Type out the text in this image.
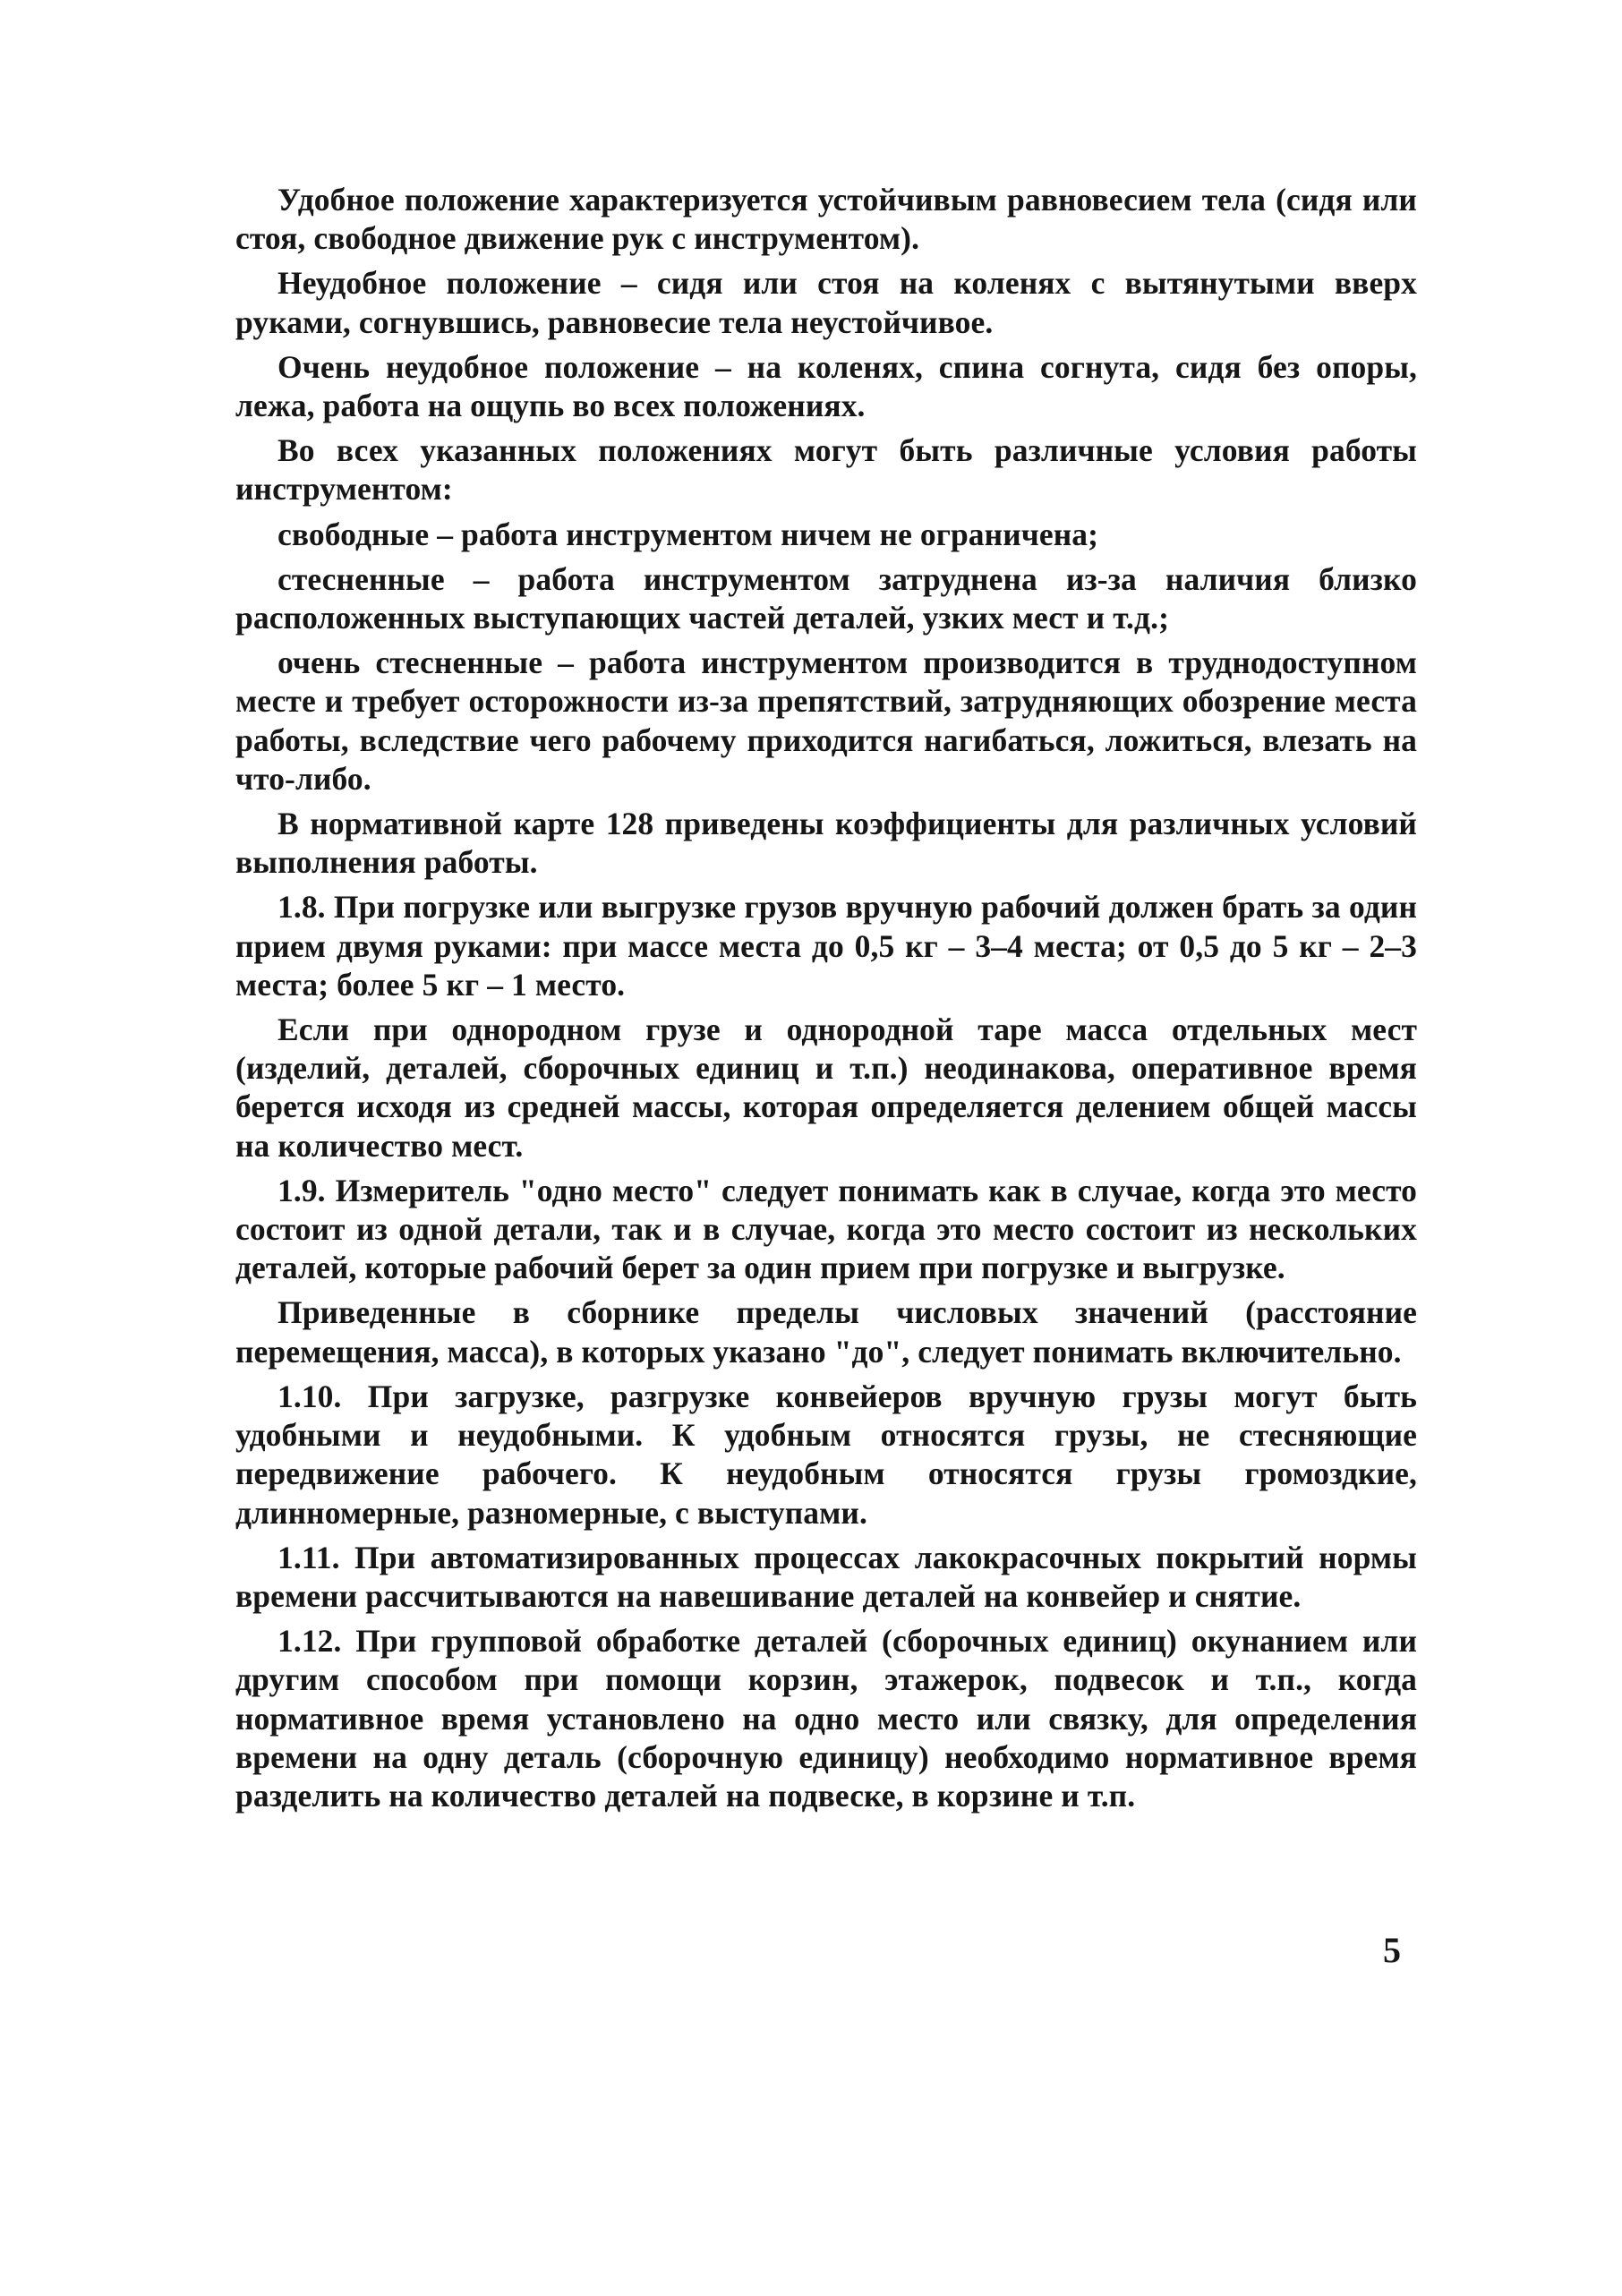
Удобное положение характеризуется устойчивым равновесием тела (сидя или стоя, свободное движение рук с инструментом).

Неудобное положение – сидя или стоя на коленях с вытянутыми вверх руками, согнувшись, равновесие тела неустойчивое.

Очень неудобное положение – на коленях, спина согнута, сидя без опоры, лежа, работа на ощупь во всех положениях.

Во всех указанных положениях могут быть различные условия работы инструментом:

свободные – работа инструментом ничем не ограничена;

стесненные – работа инструментом затруднена из-за наличия близко расположенных выступающих частей деталей, узких мест и т.д.;

очень стесненные – работа инструментом производится в труднодоступном месте и требует осторожности из-за препятствий, затрудняющих обозрение места работы, вследствие чего рабочему приходится нагибаться, ложиться, влезать на что-либо.

В нормативной карте 128 приведены коэффициенты для различных условий выполнения работы.

1.8. При погрузке или выгрузке грузов вручную рабочий должен брать за один прием двумя руками: при массе места до 0,5 кг – 3–4 места; от 0,5 до 5 кг – 2–3 места; более 5 кг – 1 место.

Если при однородном грузе и однородной таре масса отдельных мест (изделий, деталей, сборочных единиц и т.п.) неодинакова, оперативное время берется исходя из средней массы, которая определяется делением общей массы на количество мест.

1.9. Измеритель "одно место" следует понимать как в случае, когда это место состоит из одной детали, так и в случае, когда это место состоит из нескольких деталей, которые рабочий берет за один прием при погрузке и выгрузке.

Приведенные в сборнике пределы числовых значений (расстояние перемещения, масса), в которых указано "до", следует понимать включительно.

1.10. При загрузке, разгрузке конвейеров вручную грузы могут быть удобными и неудобными. К удобным относятся грузы, не стесняющие передвижение рабочего. К неудобным относятся грузы громоздкие, длинномерные, разномерные, с выступами.

1.11. При автоматизированных процессах лакокрасочных покрытий нормы времени рассчитываются на навешивание деталей на конвейер и снятие.

1.12. При групповой обработке деталей (сборочных единиц) окунанием или другим способом при помощи корзин, этажерок, подвесок и т.п., когда нормативное время установлено на одно место или связку, для определения времени на одну деталь (сборочную единицу) необходимо нормативное время разделить на количество деталей на подвеске, в корзине и т.п.

5
